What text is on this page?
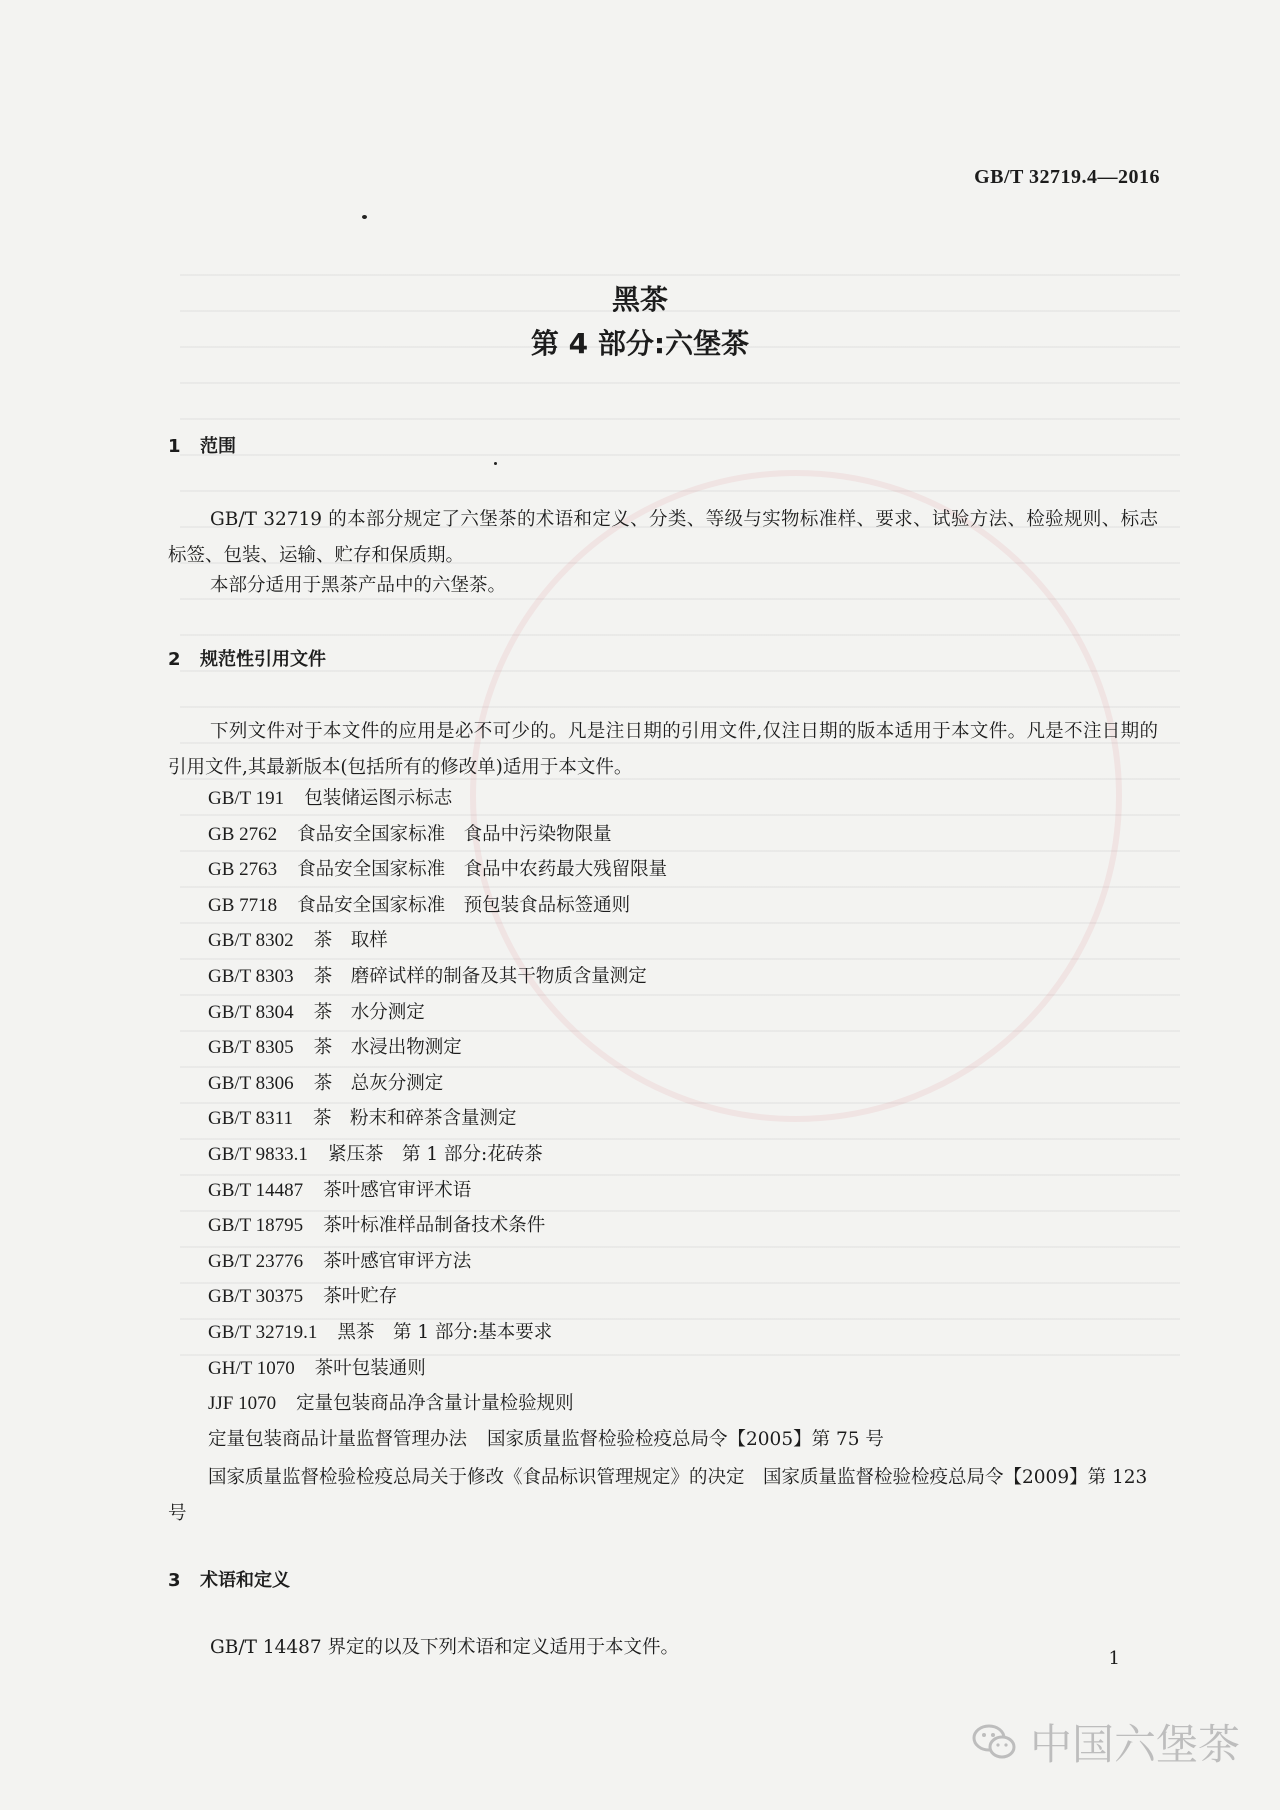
GB/T 32719.4—2016
黑茶
第 4 部分:六堡茶
1 范围
GB/T 32719 的本部分规定了六堡茶的术语和定义、分类、等级与实物标准样、要求、试验方法、检验规则、标志标签、包装、运输、贮存和保质期。
本部分适用于黑茶产品中的六堡茶。
2 规范性引用文件
下列文件对于本文件的应用是必不可少的。凡是注日期的引用文件,仅注日期的版本适用于本文件。凡是不注日期的引用文件,其最新版本(包括所有的修改单)适用于本文件。
GB/T 191 包装储运图示标志
GB 2762 食品安全国家标准　食品中污染物限量
GB 2763 食品安全国家标准　食品中农药最大残留限量
GB 7718 食品安全国家标准　预包装食品标签通则
GB/T 8302 茶　取样
GB/T 8303 茶　磨碎试样的制备及其干物质含量测定
GB/T 8304 茶　水分测定
GB/T 8305 茶　水浸出物测定
GB/T 8306 茶　总灰分测定
GB/T 8311 茶　粉末和碎茶含量测定
GB/T 9833.1 紧压茶　第 1 部分:花砖茶
GB/T 14487 茶叶感官审评术语
GB/T 18795 茶叶标准样品制备技术条件
GB/T 23776 茶叶感官审评方法
GB/T 30375 茶叶贮存
GB/T 32719.1 黑茶　第 1 部分:基本要求
GH/T 1070 茶叶包装通则
JJF 1070 定量包装商品净含量计量检验规则
定量包装商品计量监督管理办法 国家质量监督检验检疫总局令【2005】第 75 号
国家质量监督检验检疫总局关于修改《食品标识管理规定》的决定　国家质量监督检验检疫总局令【2009】第 123 号
3 术语和定义
GB/T 14487 界定的以及下列术语和定义适用于本文件。
1
中国六堡茶
